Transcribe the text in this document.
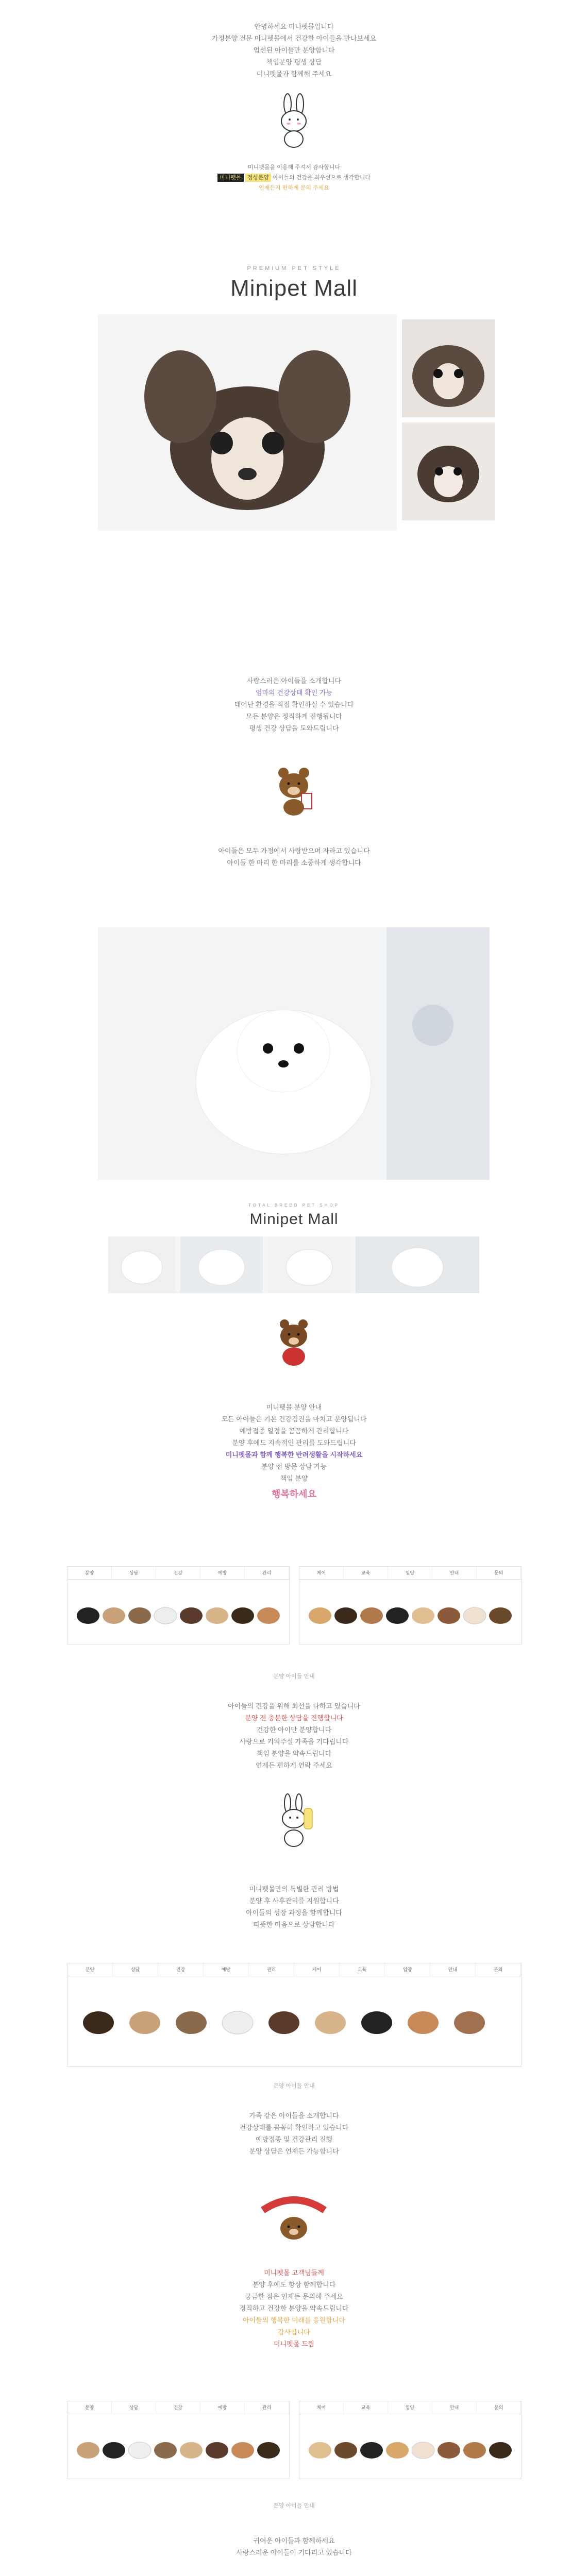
안녕하세요 미니펫몰입니다

가정분양 전문 미니펫몰에서 건강한 아이들을 만나보세요

엄선된 아이들만 분양합니다

책임분양 평생 상담

미니펫몰과 함께해 주세요

미니펫몰을 이용해 주셔서 감사합니다

미니펫몰 정성분양 아이들의 건강을 최우선으로 생각합니다

언제든지 편하게 문의 주세요

PREMIUM PET STYLE
Minipet Mall

사랑스러운 아이들을 소개합니다

엄마의 건강상태 확인 가능

태어난 환경을 직접 확인하실 수 있습니다

모든 분양은 정직하게 진행됩니다

평생 건강 상담을 도와드립니다

아이들은 모두 가정에서 사랑받으며 자라고 있습니다

아이들 한 마리 한 마리를 소중하게 생각합니다

TOTAL BREED PET SHOP
Minipet Mall

미니펫몰 분양 안내

모든 아이들은 기본 건강검진을 마치고 분양됩니다

예방접종 일정을 꼼꼼하게 관리합니다

분양 후에도 지속적인 관리를 도와드립니다

미니펫몰과 함께 행복한 반려생활을 시작하세요

분양 전 방문 상담 가능

책임 분양

행복하세요

분양	상담	건강	예방	관리	케어	교육	입양	안내	문의
분양 아이들 안내

아이들의 건강을 위해 최선을 다하고 있습니다

분양 전 충분한 상담을 진행합니다

건강한 아이만 분양합니다

사랑으로 키워주실 가족을 기다립니다

책임 분양을 약속드립니다

언제든 편하게 연락 주세요

미니펫몰만의 특별한 관리 방법

분양 후 사후관리를 지원합니다

아이들의 성장 과정을 함께합니다

따뜻한 마음으로 상담합니다

분양	상담	건강	예방	관리	케어	교육	입양	안내	문의
분양 아이들 안내

가족 같은 아이들을 소개합니다

건강상태를 꼼꼼히 확인하고 있습니다

예방접종 및 건강관리 진행

분양 상담은 언제든 가능합니다

미니펫몰 고객님들께

분양 후에도 항상 함께합니다

궁금한 점은 언제든 문의해 주세요

정직하고 건강한 분양을 약속드립니다

아이들의 행복한 미래를 응원합니다

감사합니다

미니펫몰 드림

분양	상담	건강	예방	관리	케어	교육	입양	안내	문의
분양 아이들 안내

귀여운 아이들과 함께하세요

사랑스러운 아이들이 기다리고 있습니다
